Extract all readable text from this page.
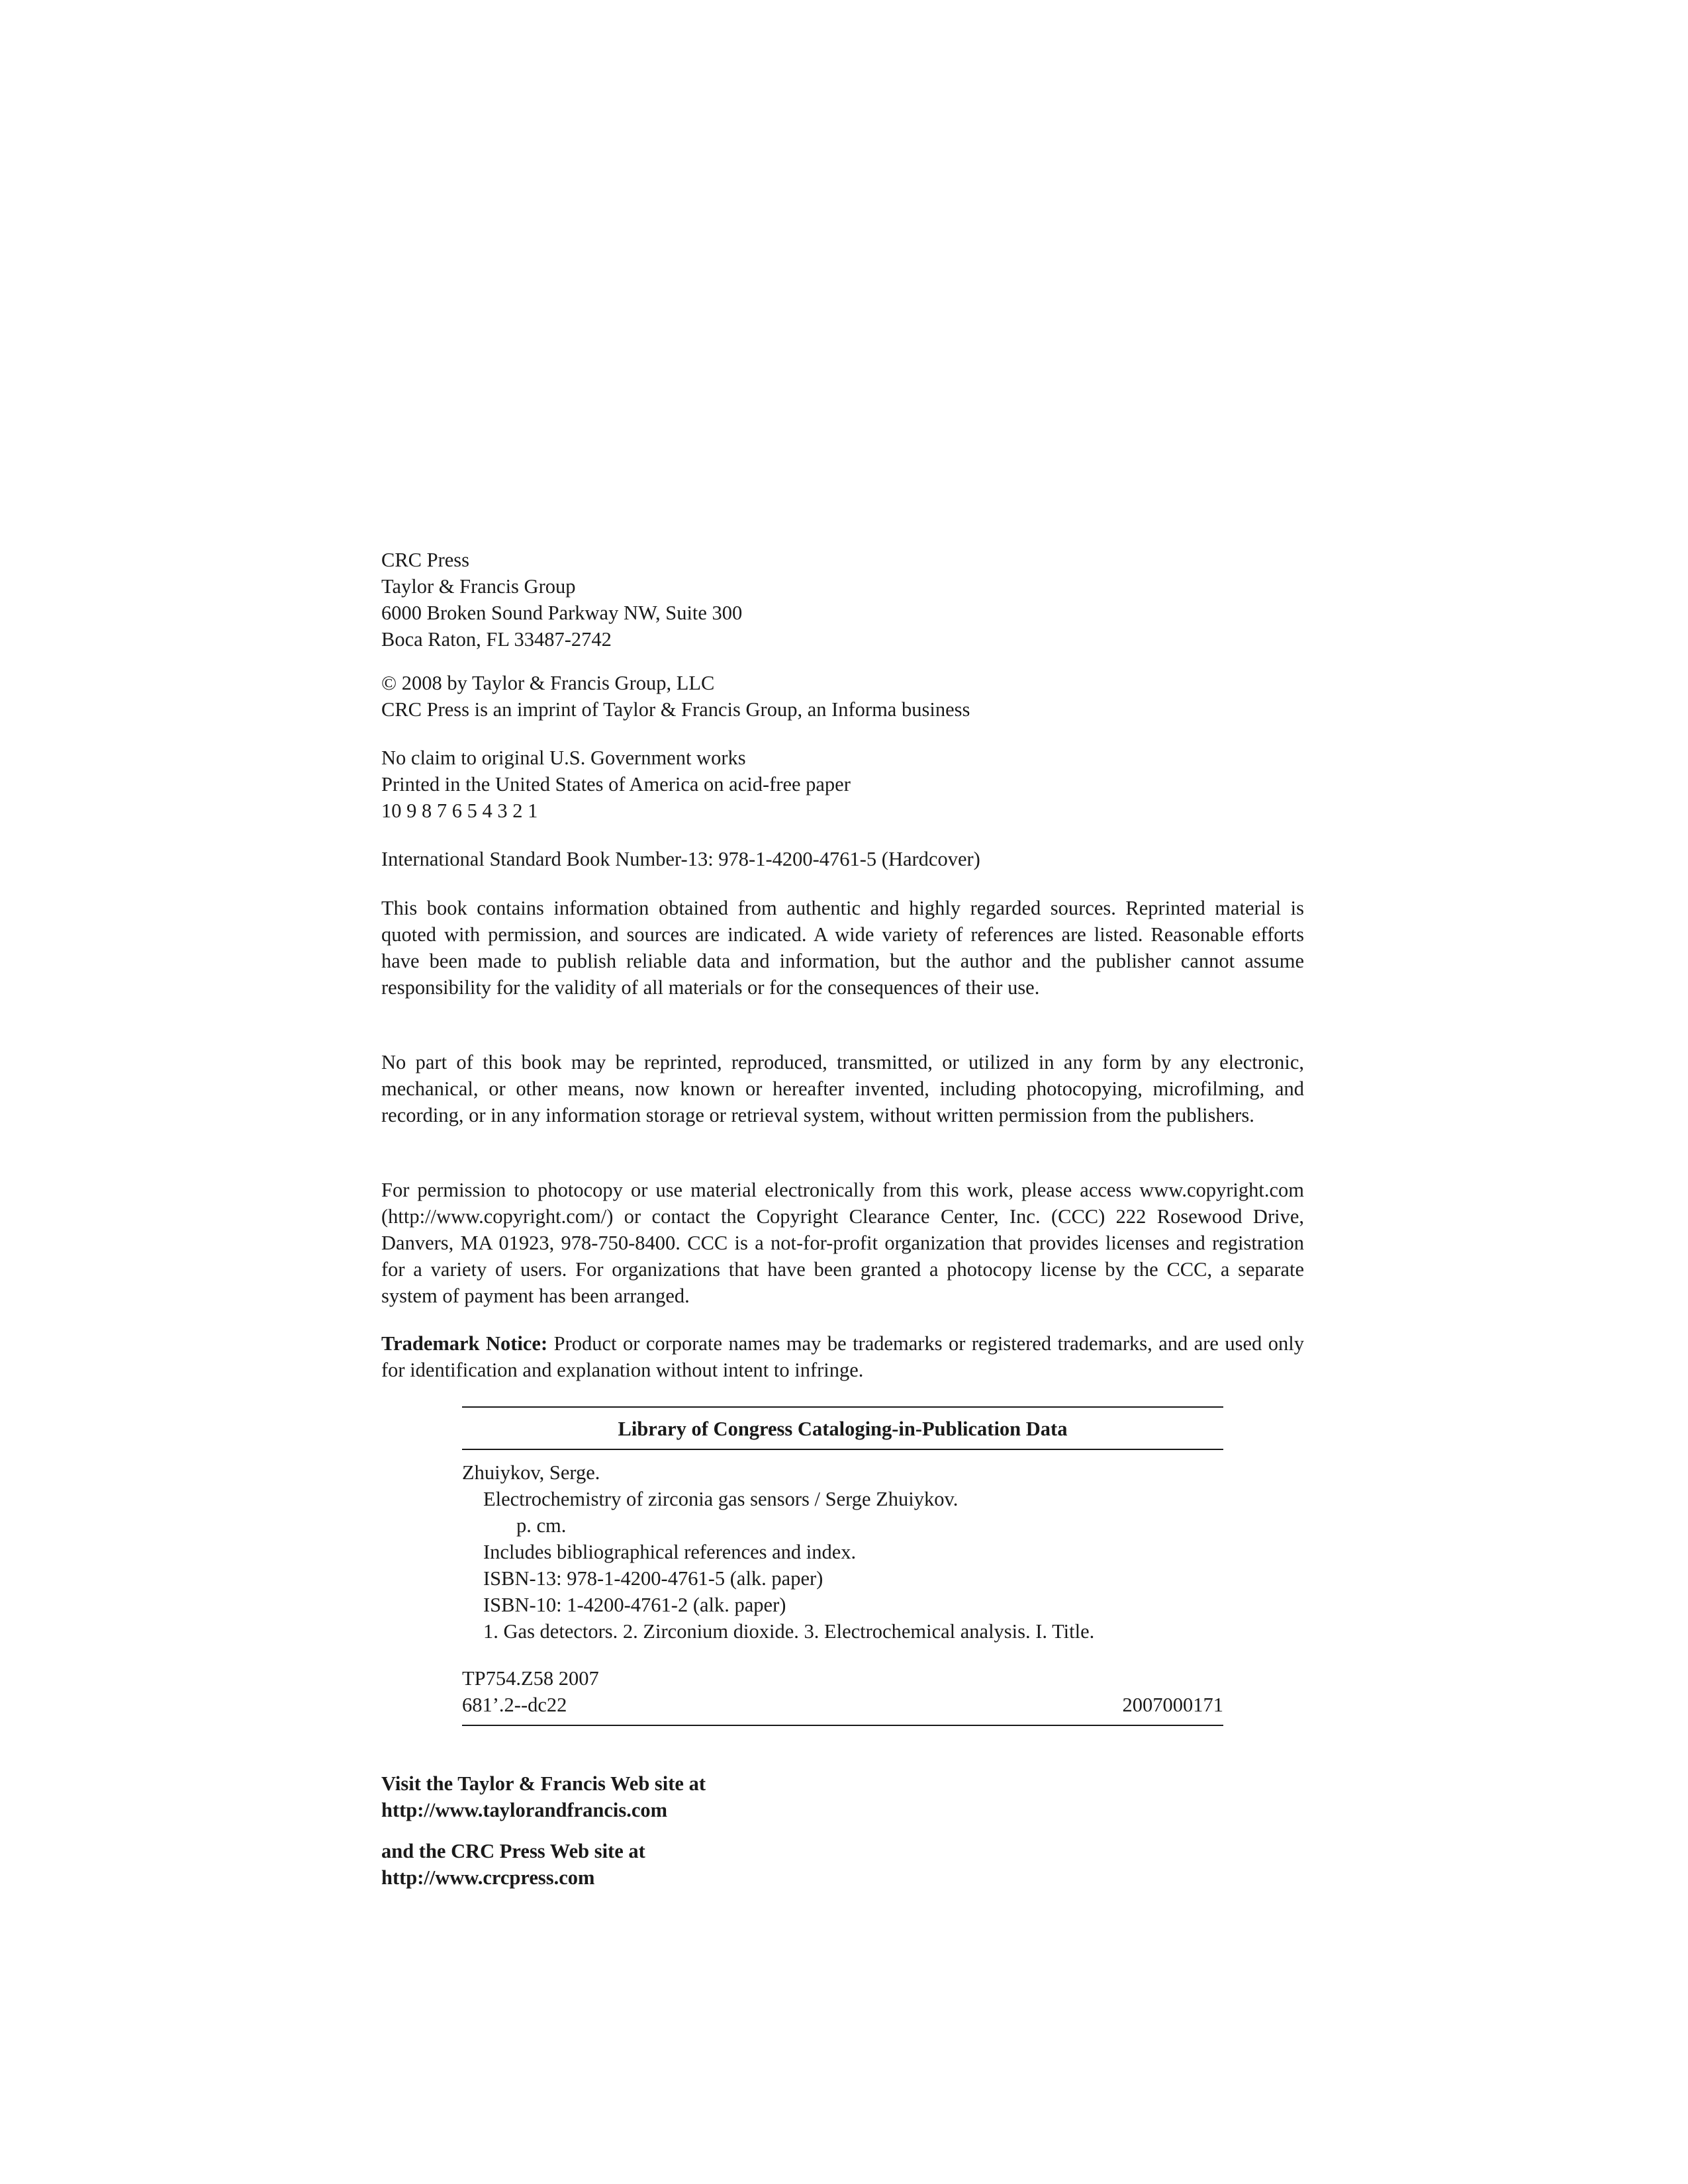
CRC Press
Taylor & Francis Group
6000 Broken Sound Parkway NW, Suite 300
Boca Raton, FL 33487-2742
© 2008 by Taylor & Francis Group, LLC
CRC Press is an imprint of Taylor & Francis Group, an Informa business
No claim to original U.S. Government works
Printed in the United States of America on acid-free paper
10 9 8 7 6 5 4 3 2 1
International Standard Book Number-13: 978-1-4200-4761-5 (Hardcover)
This book contains information obtained from authentic and highly regarded sources. Reprinted material is quoted with permission, and sources are indicated. A wide variety of references are listed. Reasonable efforts have been made to publish reliable data and information, but the author and the publisher cannot assume responsibility for the validity of all materials or for the consequences of their use.
No part of this book may be reprinted, reproduced, transmitted, or utilized in any form by any electronic, mechanical, or other means, now known or hereafter invented, including photocopying, microfilming, and recording, or in any information storage or retrieval system, without written permission from the publishers.
For permission to photocopy or use material electronically from this work, please access www.copyright.com (http://www.copyright.com/) or contact the Copyright Clearance Center, Inc. (CCC) 222 Rosewood Drive, Danvers, MA 01923, 978-750-8400. CCC is a not-for-profit organization that provides licenses and registration for a variety of users. For organizations that have been granted a photocopy license by the CCC, a separate system of payment has been arranged.
Trademark Notice: Product or corporate names may be trademarks or registered trademarks, and are used only for identification and explanation without intent to infringe.
Library of Congress Cataloging-in-Publication Data
Zhuiykov, Serge.
Electrochemistry of zirconia gas sensors / Serge Zhuiykov.
p. cm.
Includes bibliographical references and index.
ISBN-13: 978-1-4200-4761-5 (alk. paper)
ISBN-10: 1-4200-4761-2 (alk. paper)
1. Gas detectors. 2. Zirconium dioxide. 3. Electrochemical analysis. I. Title.
TP754.Z58 2007
681’.2--dc22	2007000171
Visit the Taylor & Francis Web site at
http://www.taylorandfrancis.com
and the CRC Press Web site at
http://www.crcpress.com
